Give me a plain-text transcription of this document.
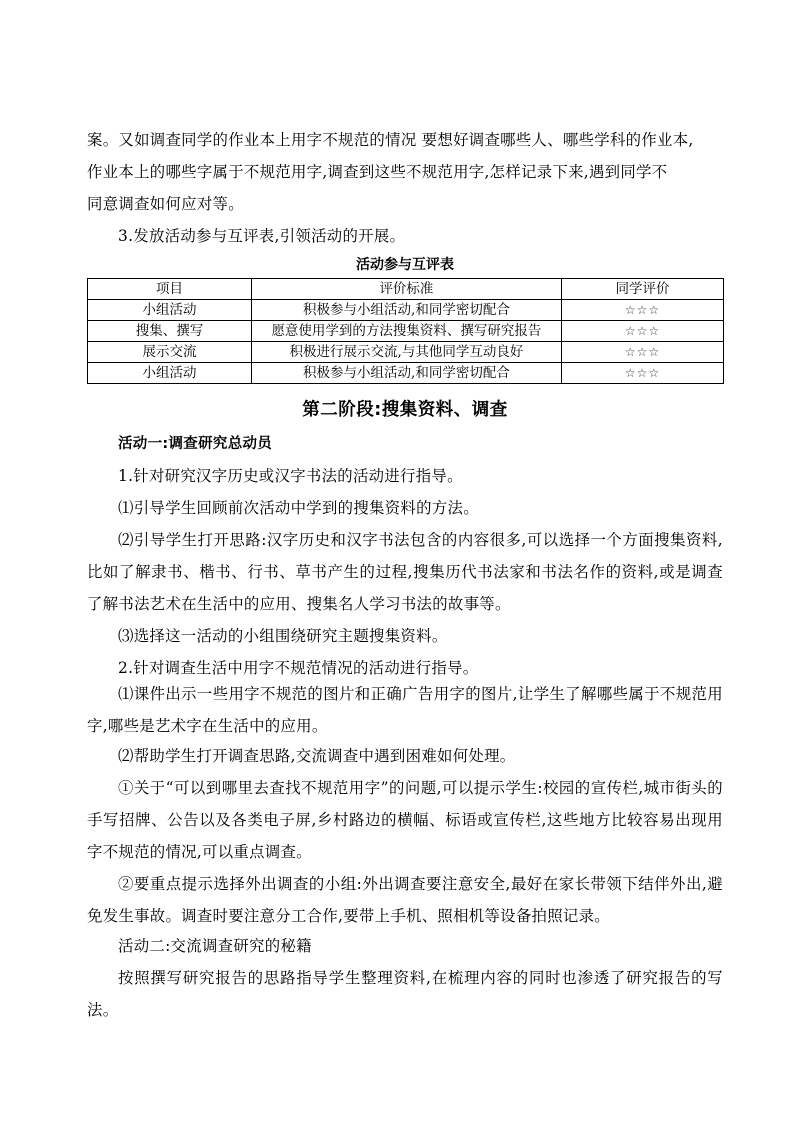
案。又如调查同学的作业本上用字不规范的情况 要想好调查哪些人、哪些学科的作业本,

作业本上的哪些字属于不规范用字,调查到这些不规范用字,怎样记录下来,遇到同学不

同意调查如何应对等。

3.发放活动参与互评表,引领活动的开展。

活动参与互评表
项目	评价标准	同学评价
小组活动	积极参与小组活动,和同学密切配合	☆☆☆
搜集、撰写	愿意使用学到的方法搜集资料、撰写研究报告	☆☆☆
展示交流	积极进行展示交流,与其他同学互动良好	☆☆☆
小组活动	积极参与小组活动,和同学密切配合	☆☆☆
第二阶段:搜集资料、调查

活动一:调查研究总动员

1.针对研究汉字历史或汉字书法的活动进行指导。

⑴引导学生回顾前次活动中学到的搜集资料的方法。

⑵引导学生打开思路:汉字历史和汉字书法包含的内容很多,可以选择一个方面搜集资料,比如了解隶书、楷书、行书、草书产生的过程,搜集历代书法家和书法名作的资料,或是调查了解书法艺术在生活中的应用、搜集名人学习书法的故事等。

⑶选择这一活动的小组围绕研究主题搜集资料。

2.针对调查生活中用字不规范情况的活动进行指导。

⑴课件出示一些用字不规范的图片和正确广告用字的图片,让学生了解哪些属于不规范用字,哪些是艺术字在生活中的应用。

⑵帮助学生打开调查思路,交流调查中遇到困难如何处理。

①关于“可以到哪里去查找不规范用字”的问题,可以提示学生:校园的宣传栏,城市街头的手写招牌、公告以及各类电子屏,乡村路边的横幅、标语或宣传栏,这些地方比较容易出现用字不规范的情况,可以重点调查。

②要重点提示选择外出调查的小组:外出调查要注意安全,最好在家长带领下结伴外出,避免发生事故。调查时要注意分工合作,要带上手机、照相机等设备拍照记录。

活动二:交流调查研究的秘籍

按照撰写研究报告的思路指导学生整理资料,在梳理内容的同时也渗透了研究报告的写法。
